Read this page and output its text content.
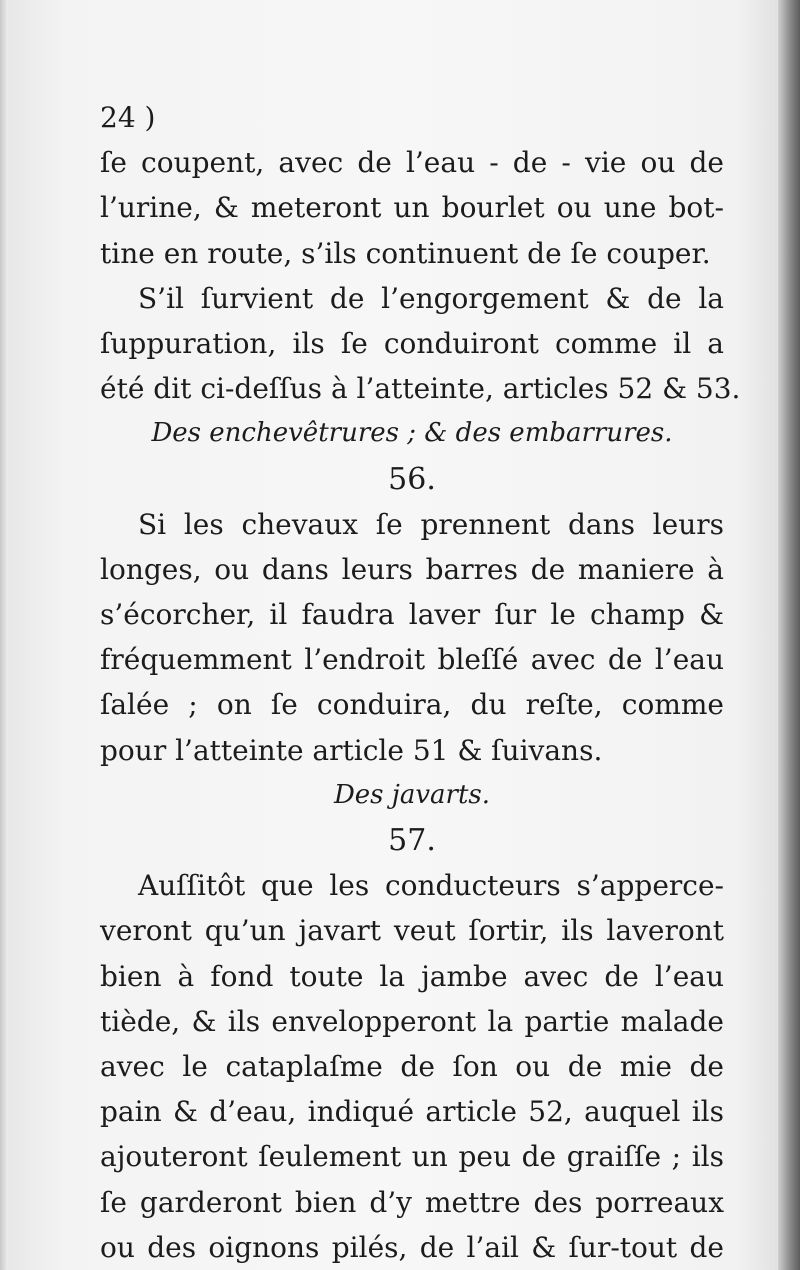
24 )
ſe coupent, avec de l’eau - de - vie ou de
l’urine, & meteront un bourlet ou une bot-
tine en route, s’ils continuent de ſe couper.
S’il ſurvient de l’engorgement & de la
ſuppuration, ils ſe conduiront comme il a
été dit ci-deſſus à l’atteinte, articles 52 & 53.
Des enchevêtrures ; & des embarrures.
56.
Si les chevaux ſe prennent dans leurs
longes, ou dans leurs barres de maniere à
s’écorcher, il faudra laver ſur le champ &
fréquemment l’endroit bleſſé avec de l’eau
ſalée ; on ſe conduira, du reſte, comme
pour l’atteinte article 51 & ſuivans.
Des javarts.
57.
Auſſitôt que les conducteurs s’apperce-
veront qu’un javart veut ſortir, ils laveront
bien à fond toute la jambe avec de l’eau
tiède, & ils envelopperont la partie malade
avec le cataplaſme de ſon ou de mie de
pain & d’eau, indiqué article 52, auquel ils
ajouteront ſeulement un peu de graiſſe ; ils
ſe garderont bien d’y mettre des porreaux
ou des oignons pilés, de l’ail & ſur-tout de
